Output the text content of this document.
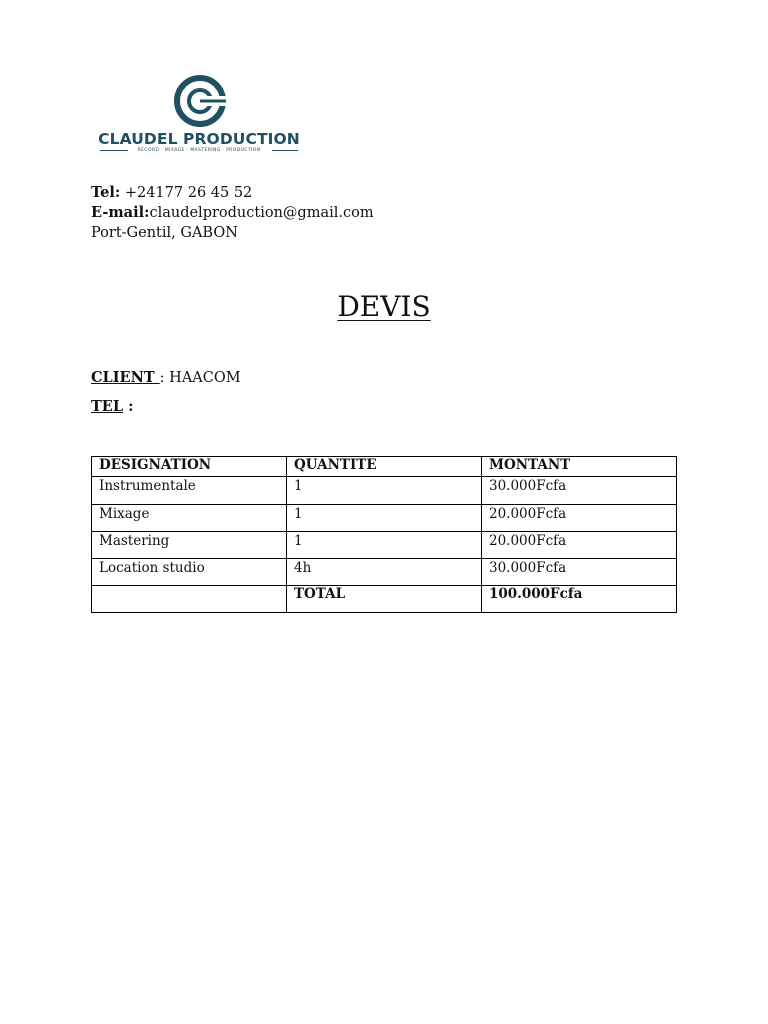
CLAUDEL PRODUCTION
RECORD · MIXAGE · MASTERING · PRODUCTION
Tel: +24177 26 45 52
E-mail:claudelproduction@gmail.com
Port-Gentil, GABON
DEVIS
CLIENT : HAACOM
TEL :
DESIGNATION	QUANTITE	MONTANT
Instrumentale	1	30.000Fcfa
Mixage	1	20.000Fcfa
Mastering	1	20.000Fcfa
Location studio	4h	30.000Fcfa
	TOTAL	100.000Fcfa
